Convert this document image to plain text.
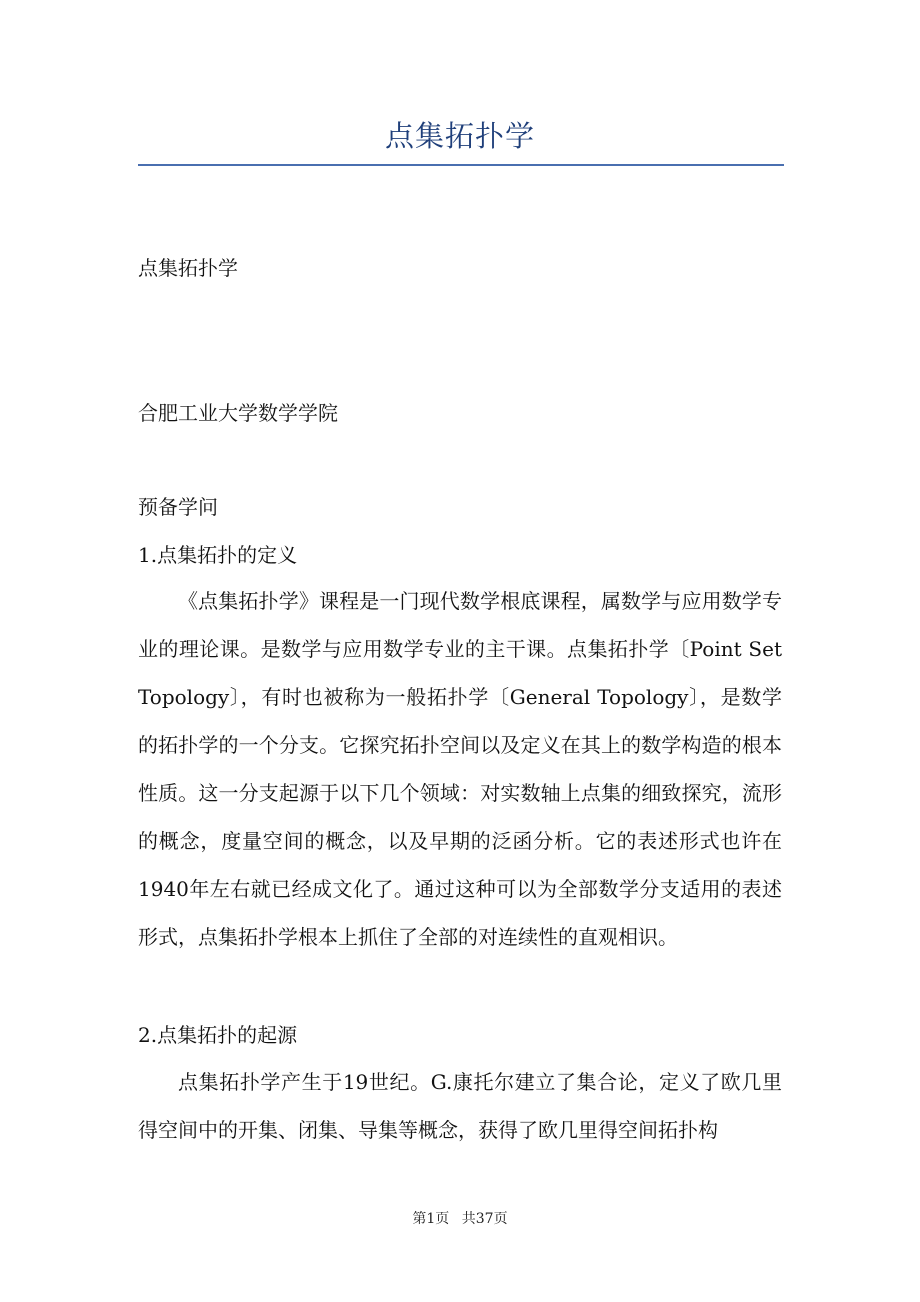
点集拓扑学
点集拓扑学
合肥工业大学数学学院
预备学问
1.点集拓扑的定义
《点集拓扑学》课程是一门现代数学根底课程，属数学与应用数学专业的理论课。是数学与应用数学专业的主干课。点集拓扑学〔Point Set Topology〕，有时也被称为一般拓扑学〔General Topology〕，是数学的拓扑学的一个分支。它探究拓扑空间以及定义在其上的数学构造的根本性质。这一分支起源于以下几个领域：对实数轴上点集的细致探究，流形的概念，度量空间的概念，以及早期的泛函分析。它的表述形式也许在1940年左右就已经成文化了。通过这种可以为全部数学分支适用的表述形式，点集拓扑学根本上抓住了全部的对连续性的直观相识。
2.点集拓扑的起源
点集拓扑学产生于19世纪。G.康托尔建立了集合论，定义了欧几里得空间中的开集、闭集、导集等概念，获得了欧几里得空间拓扑构
第1页 共37页
